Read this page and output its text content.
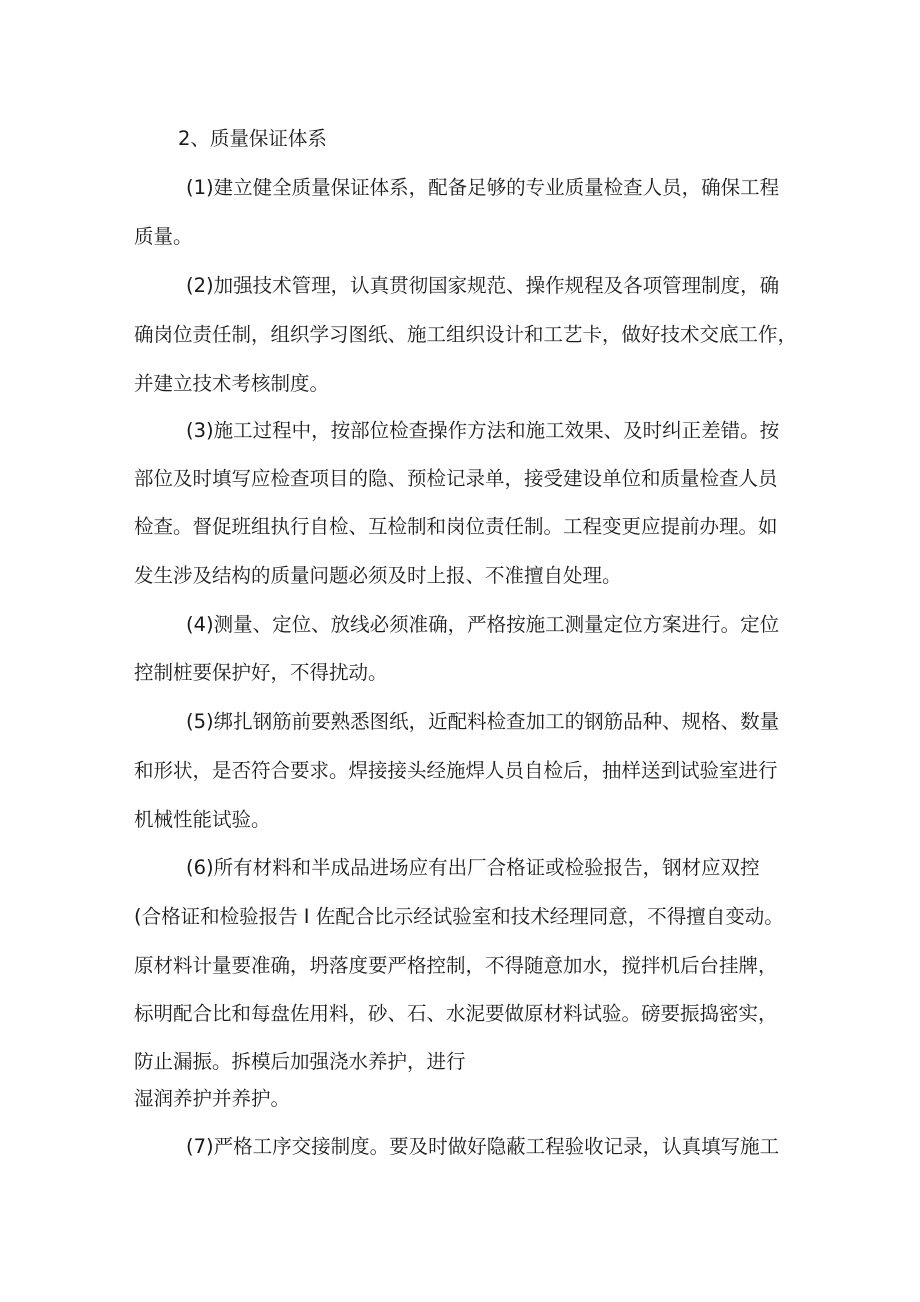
2、质量保证体系
(1)建立健全质量保证体系，配备足够的专业质量检查人员，确保工程
质量。
(2)加强技术管理，认真贯彻国家规范、操作规程及各项管理制度，确
确岗位责任制，组织学习图纸、施工组织设计和工艺卡，做好技术交底工作，
并建立技术考核制度。
(3)施工过程中，按部位检查操作方法和施工效果、及时纠正差错。按
部位及时填写应检查项目的隐、预检记录单，接受建设单位和质量检查人员
检查。督促班组执行自检、互检制和岗位责任制。工程变更应提前办理。如
发生涉及结构的质量问题必须及时上报、不准擅自处理。
(4)测量、定位、放线必须准确，严格按施工测量定位方案进行。定位
控制桩要保护好，不得扰动。
(5)绑扎钢筋前要熟悉图纸，近配料检查加工的钢筋品种、规格、数量
和形状，是否符合要求。焊接接头经施焊人员自检后，抽样送到试验室进行
机械性能试验。
(6)所有材料和半成品进场应有出厂合格证或检验报告，钢材应双控
(合格证和检验报告 I 佐配合比示经试验室和技术经理同意，不得擅自变动。
原材料计量要准确，坍落度要严格控制，不得随意加水，搅拌机后台挂牌，
标明配合比和每盘佐用料，砂、石、水泥要做原材料试验。磅要振捣密实，
防止漏振。拆模后加强浇水养护，进行
湿润养护并养护。
(7)严格工序交接制度。要及时做好隐蔽工程验收记录，认真填写施工
